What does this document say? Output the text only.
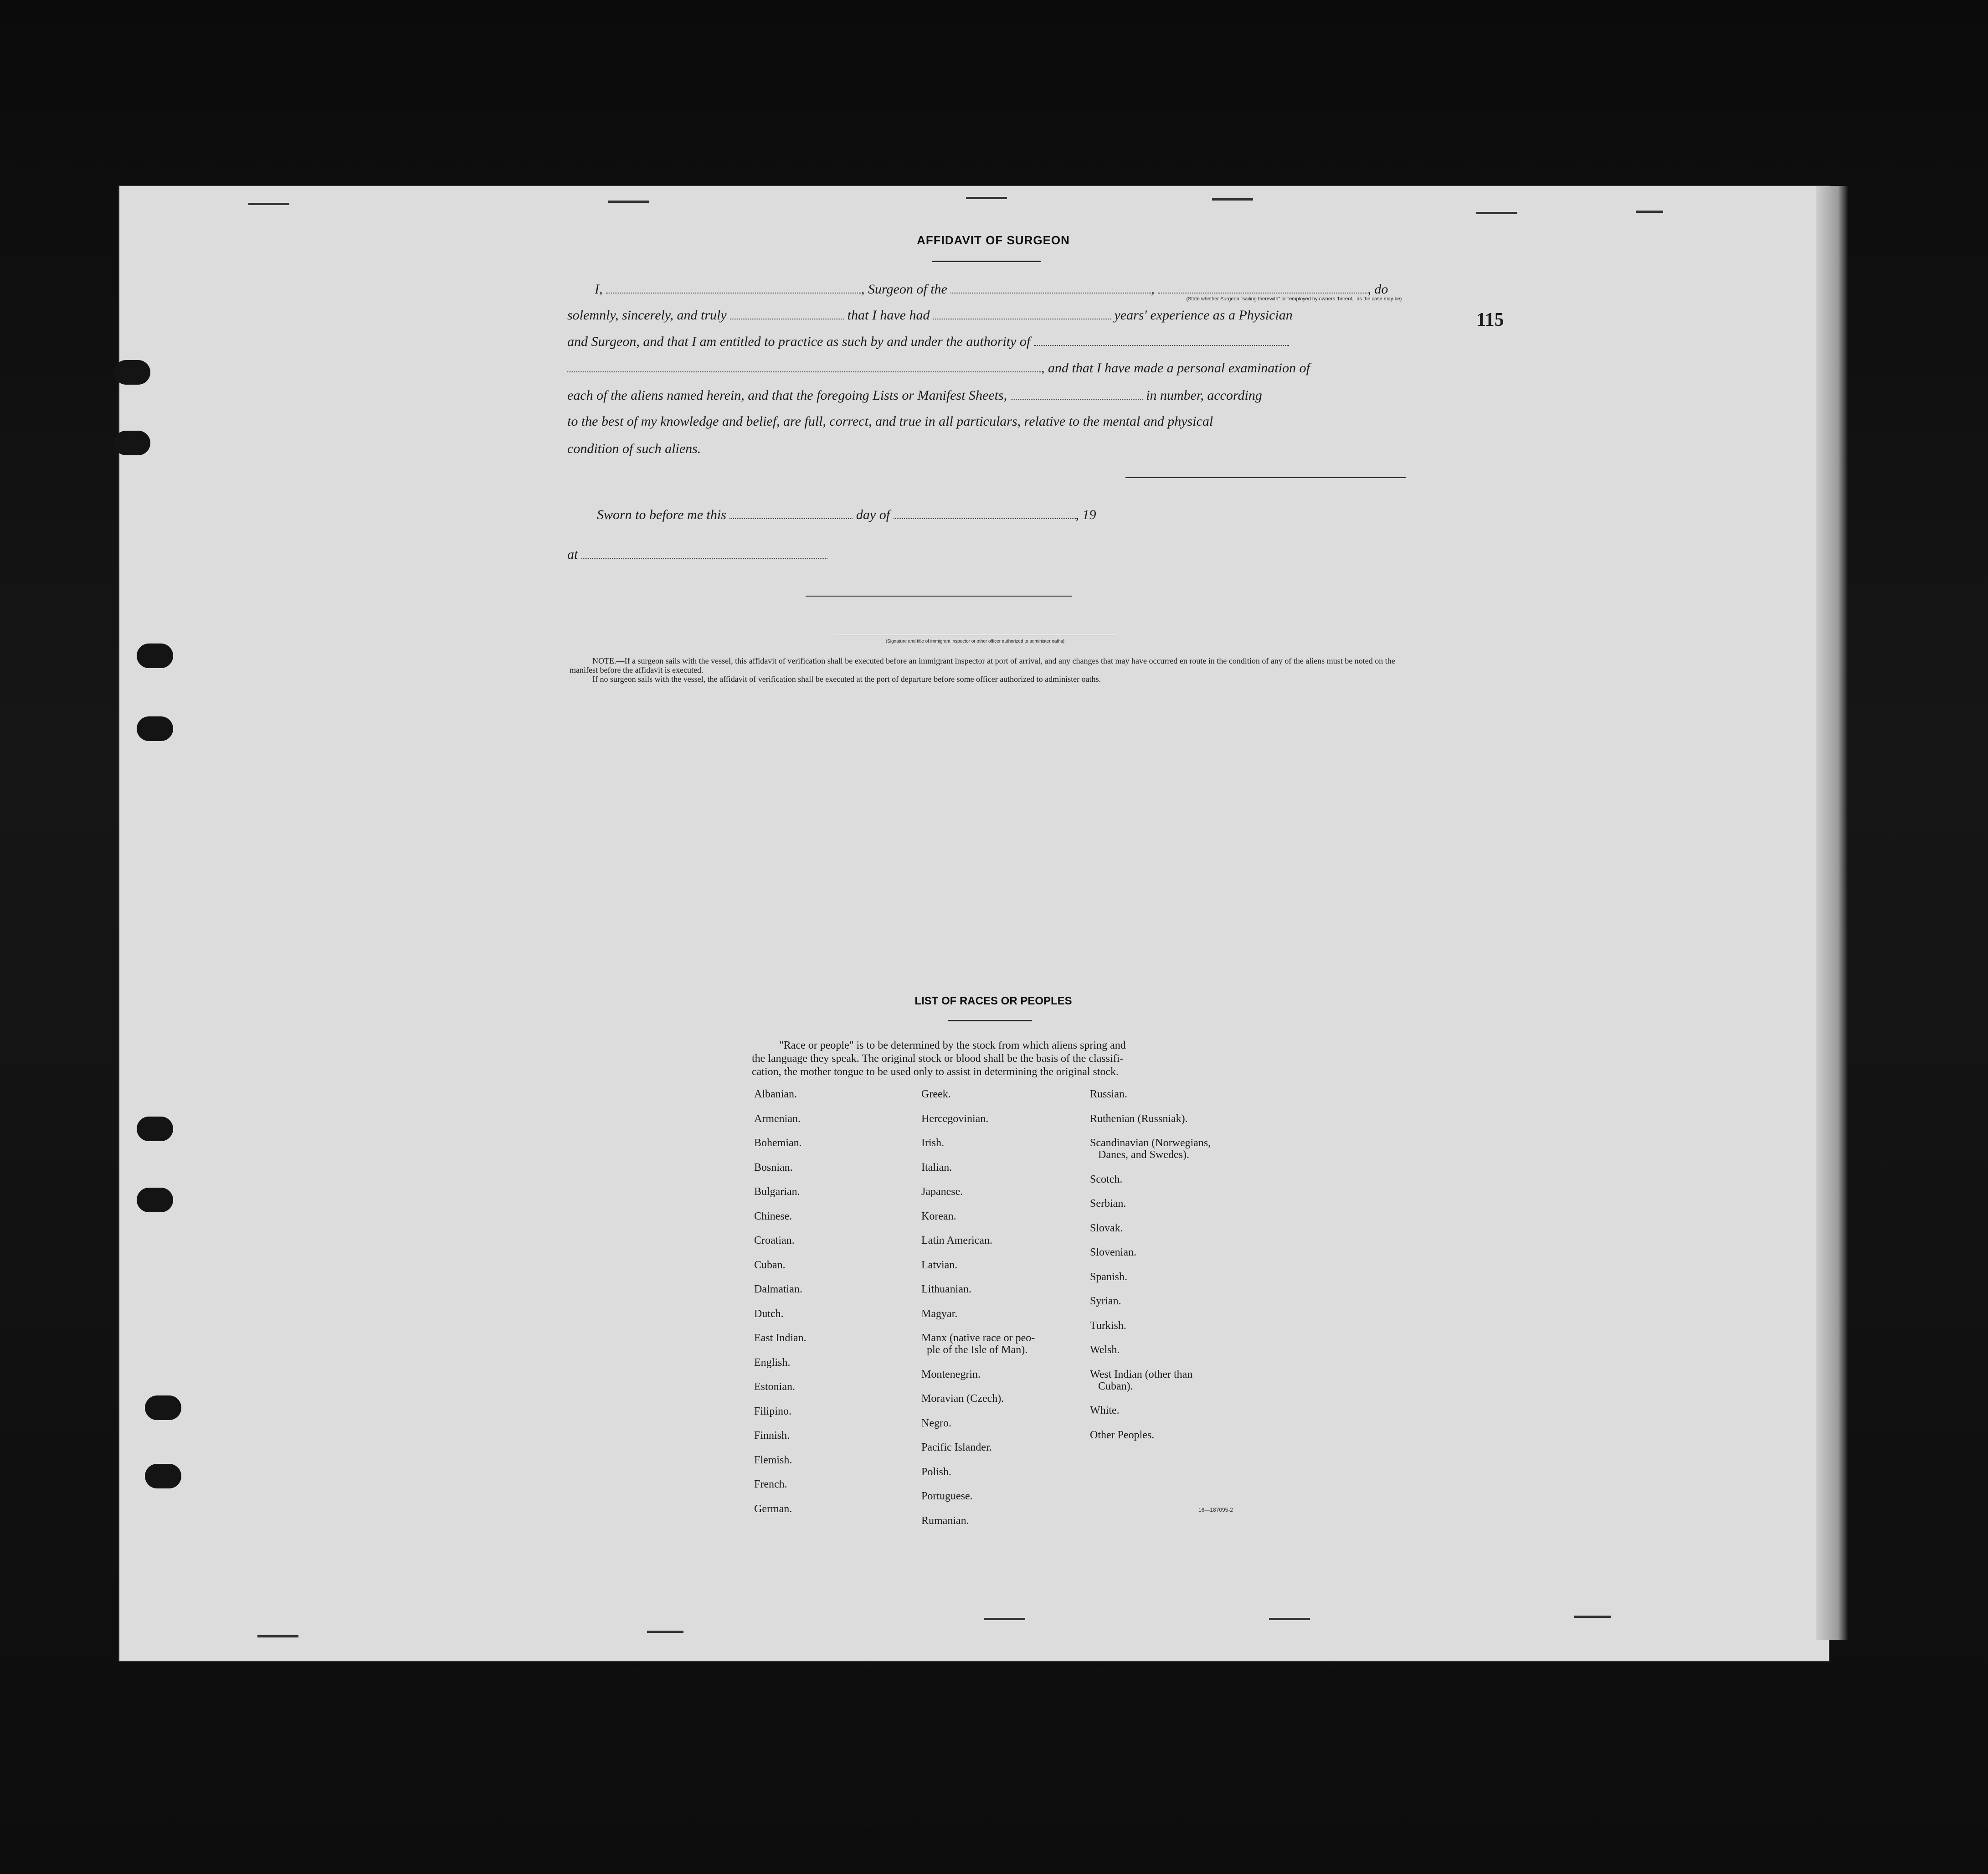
115
AFFIDAVIT OF SURGEON
I,	, Surgeon of the	,	, do
(State whether Surgeon "sailing therewith" or "employed by owners thereof," as the case may be)
solemnly, sincerely, and truly	that I have had	years' experience as a Physician
and Surgeon, and that I am entitled to practice as such by and under the authority of
, and that I have made a personal examination of
each of the aliens named herein, and that the foregoing Lists or Manifest Sheets,	in number, according
to the best of my knowledge and belief, are full, correct, and true in all particulars, relative to the mental and physical
condition of such aliens.
Sworn to before me this	day of	, 19
at
(Signature and title of immigrant inspector or other officer authorized to administer oaths)

NOTE.—If a surgeon sails with the vessel, this affidavit of verification shall be executed before an immigrant inspector at port of arrival, and any changes that may have occurred en route in the condition of any of the aliens must be noted on the manifest before the affidavit is executed.

If no surgeon sails with the vessel, the affidavit of verification shall be executed at the port of departure before some officer authorized to administer oaths.

LIST OF RACES OR PEOPLES
"Race or people" is to be determined by the stock from which aliens spring and
the language they speak. The original stock or blood shall be the basis of the classifi-
cation, the mother tongue to be used only to assist in determining the original stock.
Albanian.
Armenian.
Bohemian.
Bosnian.
Bulgarian.
Chinese.
Croatian.
Cuban.
Dalmatian.
Dutch.
East Indian.
English.
Estonian.
Filipino.
Finnish.
Flemish.
French.
German.
Greek.
Hercegovinian.
Irish.
Italian.
Japanese.
Korean.
Latin American.
Latvian.
Lithuanian.
Magyar.
Manx (native race or peo-
ple of the Isle of Man).
Montenegrin.
Moravian (Czech).
Negro.
Pacific Islander.
Polish.
Portuguese.
Rumanian.
Russian.
Ruthenian (Russniak).
Scandinavian (Norwegians,
Danes, and Swedes).
Scotch.
Serbian.
Slovak.
Slovenian.
Spanish.
Syrian.
Turkish.
Welsh.
West Indian (other than
Cuban).
White.
Other Peoples.
16—187095-2
